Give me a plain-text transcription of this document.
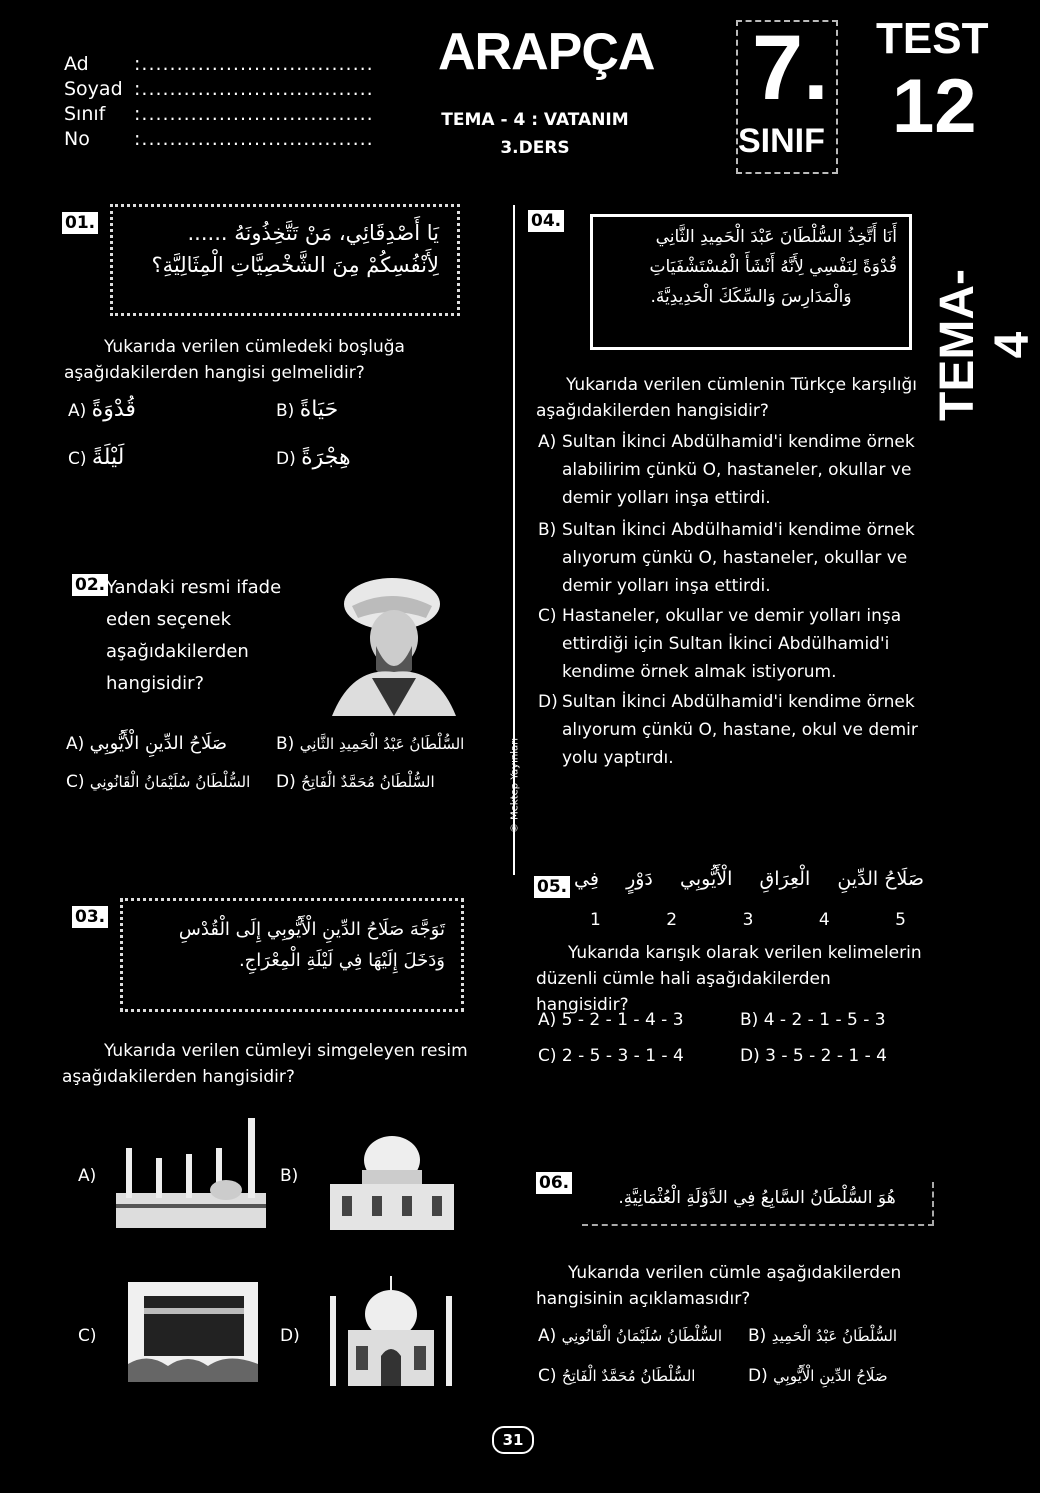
Ad	:.................................
Soyad :.................................
Sınıf	:.................................
No	:.................................
ARAPÇA
TEMA - 4 : VATANIM
3.DERS
7.
SINIF
TEST
12
TEMA-4
© Mektep Yayınları
01.	يَا أَصْدِقَائِي، مَنْ تَتَّخِذُونَهُ ......
لِأَنْفُسِكُمْ مِنَ الشَّخْصِيَّاتِ الْمِثَالِيَّةِ؟
Yukarıda verilen cümledeki boşluğa aşağıdakilerden hangisi gelmelidir?
A) قُدْوَةً	B) حَيَاةً
C) لَيْلَةً	D) هِجْرَةً
02. Yandaki resmi ifade eden seçenek aşağıdakilerden hangisidir?
A) صَلَاحُ الدِّينِ الْأَيُّوبِي	B) السُّلْطَانُ عَبْدُ الْحَمِيدِ الثَّانِي
C) السُّلْطَانُ سُلَيْمَانُ الْقَانُونِي D) السُّلْطَانُ مُحَمَّدٌ الْفَاتِحُ
03.
تَوَجَّهَ صَلَاحُ الدِّينِ الْأَيُّوبِي إِلَى الْقُدْسِ
وَدَخَلَ إِلَيْهَا فِي لَيْلَةِ الْمِعْرَاجِ.
Yukarıda verilen cümleyi simgeleyen resim aşağıdakilerden hangisidir?
A)	B)
C)	D)
04.
أَنَا أَتَّخِذُ السُّلْطَانَ عَبْدَ الْحَمِيدِ الثَّانِي
قُدْوَةً لِنَفْسِي لِأَنَّهُ أَنْشَأَ الْمُسْتَشْفَيَاتِ
وَالْمَدَارِسَ وَالسِّكَكَ الْحَدِيدِيَّةَ.
Yukarıda verilen cümlenin Türkçe karşılığı aşağıdakilerden hangisidir?
A) Sultan İkinci Abdülhamid'i kendime örnek alabilirim çünkü O, hastaneler, okullar ve demir yolları inşa ettirdi.
B) Sultan İkinci Abdülhamid'i kendime örnek alıyorum çünkü O, hastaneler, okullar ve demir yolları inşa ettirdi.
C) Hastaneler, okullar ve demir yolları inşa ettirdiği için Sultan İkinci Abdülhamid'i kendime örnek almak istiyorum.
D) Sultan İkinci Abdülhamid'i kendime örnek alıyorum çünkü O, hastane, okul ve demir yolu yaptırdı.
05. فِي دَوْرٍ الْأَيُّوبِي الْعِرَاقِ صَلَاحُ الدِّينِ
1	2	3	4	5
Yukarıda karışık olarak verilen kelimelerin düzenli cümle hali aşağıdakilerden hangisidir?
A) 5 - 2 - 1 - 4 - 3	B) 4 - 2 - 1 - 5 - 3
C) 2 - 5 - 3 - 1 - 4	D) 3 - 5 - 2 - 1 - 4
06.
هُوَ السُّلْطَانُ السَّابِعُ فِي الدَّوْلَةِ الْعُثْمَانِيَّةِ.
Yukarıda verilen cümle aşağıdakilerden hangisinin açıklamasıdır?
A) السُّلْطَانُ سُلَيْمَانُ الْقَانُونِي B) السُّلْطَانُ عَبْدُ الْحَمِيدِ
C) السُّلْطَانُ مُحَمَّدٌ الْفَاتِحُ	D) صَلَاحُ الدِّينِ الْأَيُّوبِي
31
